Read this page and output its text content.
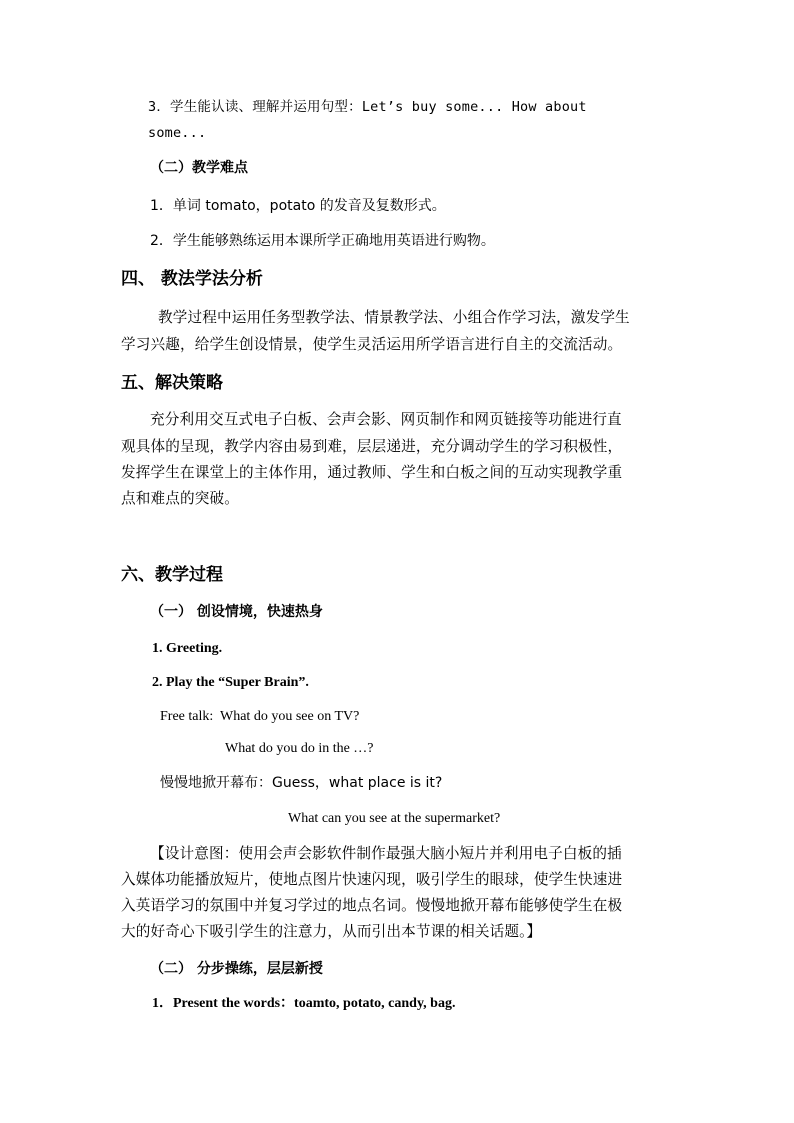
3．学生能认读、理解并运用句型：Let’s buy some... How about
some...
（二）教学难点
1．单词 tomato，potato 的发音及复数形式。
2．学生能够熟练运用本课所学正确地用英语进行购物。
四、 教法学法分析
教学过程中运用任务型教学法、情景教学法、小组合作学习法，激发学生
学习兴趣，给学生创设情景，使学生灵活运用所学语言进行自主的交流活动。
五、解决策略
充分利用交互式电子白板、会声会影、网页制作和网页链接等功能进行直
观具体的呈现，教学内容由易到难，层层递进，充分调动学生的学习积极性，
发挥学生在课堂上的主体作用，通过教师、学生和白板之间的互动实现教学重
点和难点的突破。
六、教学过程
（一） 创设情境，快速热身
1. Greeting.
2. Play the “Super Brain”.
Free talk:  What do you see on TV?
What do you do in the …?
慢慢地掀开幕布：Guess，what place is it?
What can you see at the supermarket?
【设计意图：使用会声会影软件制作最强大脑小短片并利用电子白板的插
入媒体功能播放短片，使地点图片快速闪现，吸引学生的眼球，使学生快速进
入英语学习的氛围中并复习学过的地点名词。慢慢地掀开幕布能够使学生在极
大的好奇心下吸引学生的注意力，从而引出本节课的相关话题。】
（二） 分步操练，层层新授
1．Present the words：toamto, potato, candy, bag.
